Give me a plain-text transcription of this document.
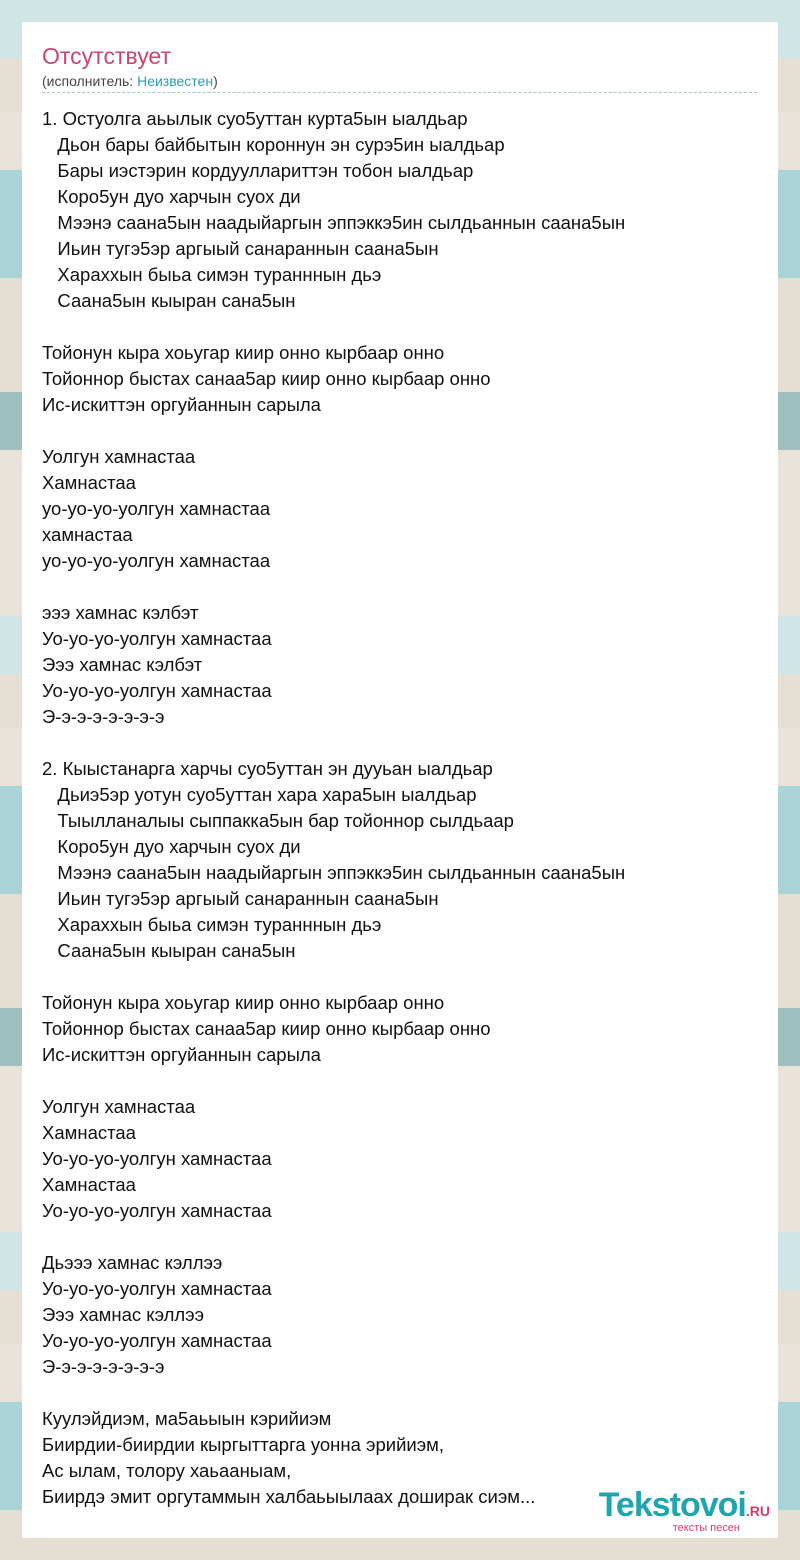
Отсутствует
(исполнитель: Неизвестен)
1. Остуолга аьылык суо5уттан курта5ын ыалдьар
Дьон бары байбытын короннун эн сурэ5ин ыалдьар
Бары иэстэрин кордууллариттэн тобон ыалдьар
Коро5ун дуо харчын суох ди
Мээнэ саана5ын наадыйаргын эппэккэ5ин сылдьаннын саана5ын
Иьин тугэ5эр аргыый санараннын саана5ын
Хараххын быьа симэн туранннын дьэ
Саана5ын кыыран сана5ын

Тойонун кыра хоьугар киир онно кырбаар онно
Тойоннор быстах санаа5ар киир онно кырбаар онно
Ис-искиттэн оргуйаннын сарыла

Уолгун хамнастаа
Хамнастаа
уо-уо-уо-уолгун хамнастаа
хамнастаа
уо-уо-уо-уолгун хамнастаа

эээ хамнас кэлбэт
Уо-уо-уо-уолгун хамнастаа
Эээ хамнас кэлбэт
Уо-уо-уо-уолгун хамнастаа
Э-э-э-э-э-э-э-э

2. Кыыстанарга харчы суо5уттан эн дууьан ыалдьар
Дьиэ5эр уотун суо5уттан хара хара5ын ыалдьар
Тыылланалыы сыппакка5ын бар тойоннор сылдьаар
Коро5ун дуо харчын суох ди
Мээнэ саана5ын наадыйаргын эппэккэ5ин сылдьаннын саана5ын
Иьин тугэ5эр аргыый санараннын саана5ын
Хараххын быьа симэн туранннын дьэ
Саана5ын кыыран сана5ын

Тойонун кыра хоьугар киир онно кырбаар онно
Тойоннор быстах санаа5ар киир онно кырбаар онно
Ис-искиттэн оргуйаннын сарыла

Уолгун хамнастаа
Хамнастаа
Уо-уо-уо-уолгун хамнастаа
Хамнастаа
Уо-уо-уо-уолгун хамнастаа

Дьэээ хамнас кэллээ
Уо-уо-уо-уолгун хамнастаа
Эээ хамнас кэллээ
Уо-уо-уо-уолгун хамнастаа
Э-э-э-э-э-э-э-э

Куулэйдиэм, ма5аьыын кэрийиэм
Биирдии-биирдии кыргыттарга уонна эрийиэм,
Ас ылам, толору хаьааныам,
Биирдэ эмит оргутаммын халбаьыылаах доширак сиэм...	Tekstovoi.RU
тексты песен
